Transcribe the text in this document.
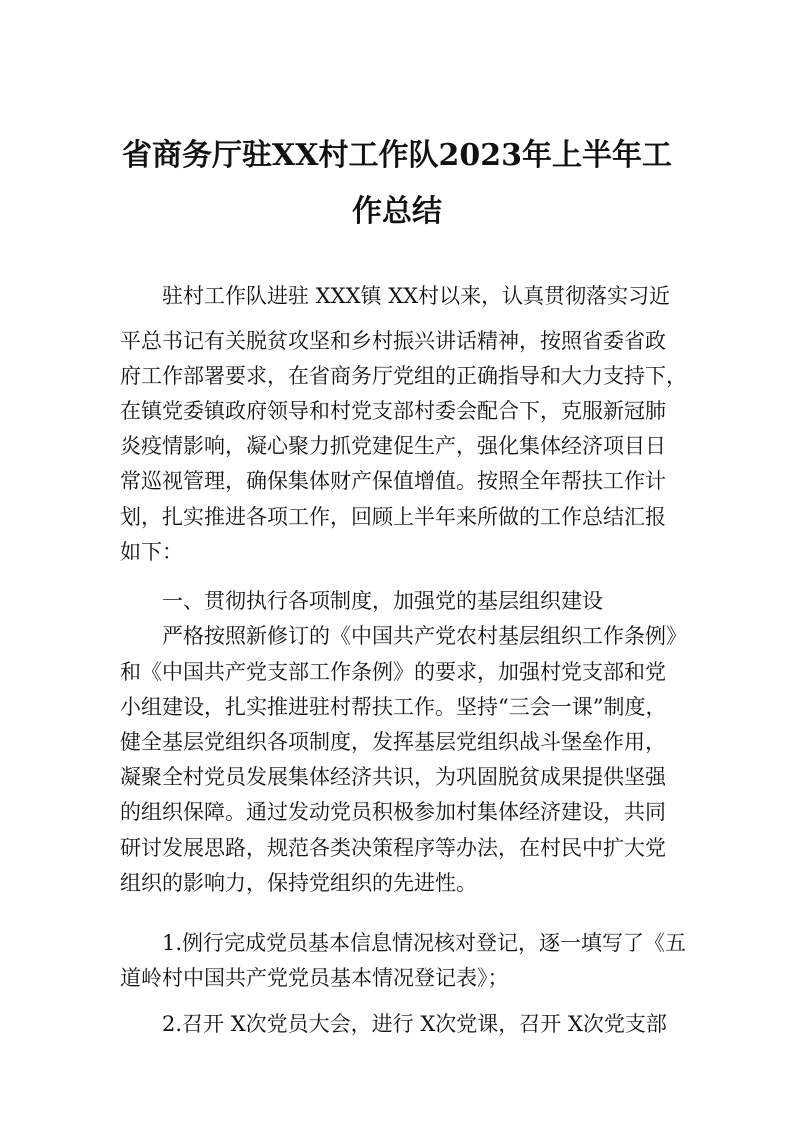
省商务厅驻XX村工作队2023年上半年工
作总结
驻村工作队进驻 XXX镇 XX村以来，认真贯彻落实习近
平总书记有关脱贫攻坚和乡村振兴讲话精神，按照省委省政
府工作部署要求，在省商务厅党组的正确指导和大力支持下，
在镇党委镇政府领导和村党支部村委会配合下，克服新冠肺
炎疫情影响，凝心聚力抓党建促生产，强化集体经济项目日
常巡视管理，确保集体财产保值增值。按照全年帮扶工作计
划，扎实推进各项工作，回顾上半年来所做的工作总结汇报
如下：
一、贯彻执行各项制度，加强党的基层组织建设
严格按照新修订的《中国共产党农村基层组织工作条例》
和《中国共产党支部工作条例》的要求，加强村党支部和党
小组建设，扎实推进驻村帮扶工作。坚持“三会一课”制度，
健全基层党组织各项制度，发挥基层党组织战斗堡垒作用，
凝聚全村党员发展集体经济共识，为巩固脱贫成果提供坚强
的组织保障。通过发动党员积极参加村集体经济建设，共同
研讨发展思路，规范各类决策程序等办法，在村民中扩大党
组织的影响力，保持党组织的先进性。
1.例行完成党员基本信息情况核对登记，逐一填写了《五
道岭村中国共产党党员基本情况登记表》；
2.召开 X次党员大会，进行 X次党课，召开 X次党支部
